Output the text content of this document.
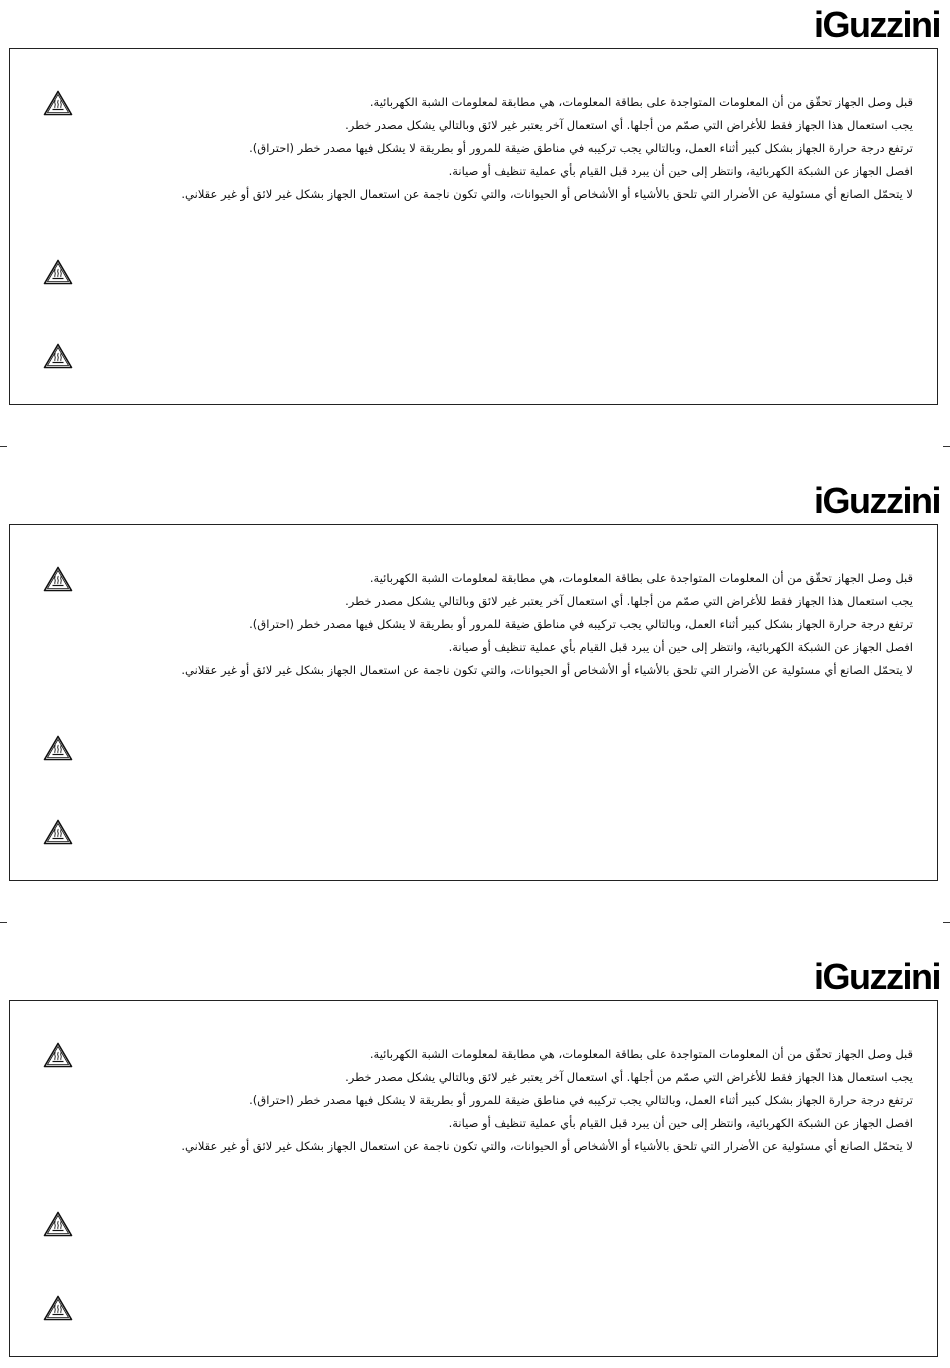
iGuzzini
قبل وصل الجهاز تحقّق من أن المعلومات المتواجدة على بطاقة المعلومات، هي مطابقة لمعلومات الشبة الكهربائية.
يجب استعمال هذا الجهاز فقط للأغراض التي صمّم من أجلها. أي استعمال آخر يعتبر غير لائق وبالتالي يشكل مصدر خطر.
ترتفع درجة حرارة الجهاز بشكل كبير أثناء العمل، وبالتالي يجب تركيبه في مناطق ضيقة للمرور أو بطريقة لا يشكل فيها مصدر خطر (احتراق).
افصل الجهاز عن الشبكة الكهربائية، وانتظر إلى حين أن يبرد قبل القيام بأي عملية تنظيف أو صيانة.
لا يتحمّل الصانع أي مسئولية عن الأضرار التي تلحق بالأشياء أو الأشخاص أو الحيوانات، والتي تكون ناجمة عن استعمال الجهاز بشكل غير لائق أو غير عقلاني.
iGuzzini
قبل وصل الجهاز تحقّق من أن المعلومات المتواجدة على بطاقة المعلومات، هي مطابقة لمعلومات الشبة الكهربائية.
يجب استعمال هذا الجهاز فقط للأغراض التي صمّم من أجلها. أي استعمال آخر يعتبر غير لائق وبالتالي يشكل مصدر خطر.
ترتفع درجة حرارة الجهاز بشكل كبير أثناء العمل، وبالتالي يجب تركيبه في مناطق ضيقة للمرور أو بطريقة لا يشكل فيها مصدر خطر (احتراق).
افصل الجهاز عن الشبكة الكهربائية، وانتظر إلى حين أن يبرد قبل القيام بأي عملية تنظيف أو صيانة.
لا يتحمّل الصانع أي مسئولية عن الأضرار التي تلحق بالأشياء أو الأشخاص أو الحيوانات، والتي تكون ناجمة عن استعمال الجهاز بشكل غير لائق أو غير عقلاني.
iGuzzini
قبل وصل الجهاز تحقّق من أن المعلومات المتواجدة على بطاقة المعلومات، هي مطابقة لمعلومات الشبة الكهربائية.
يجب استعمال هذا الجهاز فقط للأغراض التي صمّم من أجلها. أي استعمال آخر يعتبر غير لائق وبالتالي يشكل مصدر خطر.
ترتفع درجة حرارة الجهاز بشكل كبير أثناء العمل، وبالتالي يجب تركيبه في مناطق ضيقة للمرور أو بطريقة لا يشكل فيها مصدر خطر (احتراق).
افصل الجهاز عن الشبكة الكهربائية، وانتظر إلى حين أن يبرد قبل القيام بأي عملية تنظيف أو صيانة.
لا يتحمّل الصانع أي مسئولية عن الأضرار التي تلحق بالأشياء أو الأشخاص أو الحيوانات، والتي تكون ناجمة عن استعمال الجهاز بشكل غير لائق أو غير عقلاني.
